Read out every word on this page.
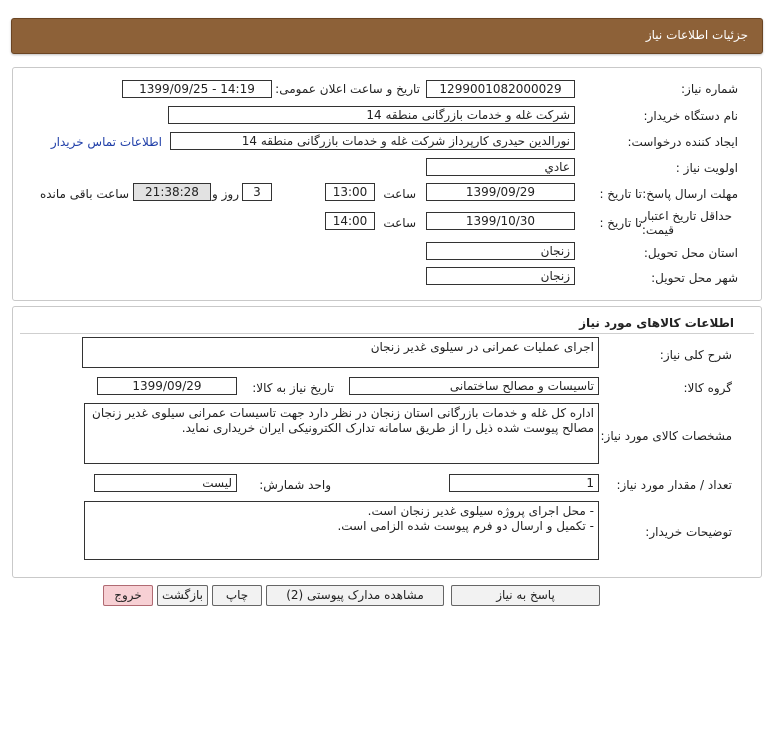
جزئیات اطلاعات نیاز
شماره نیاز:
1299001082000029
تاریخ و ساعت اعلان عمومی:
1399/09/25 - 14:19
نام دستگاه خریدار:
شرکت غله و خدمات بازرگانی منطقه 14
ایجاد کننده درخواست:
نورالدین حیدری کارپرداز شرکت غله و خدمات بازرگانی منطقه 14
اطلاعات تماس خریدار
اولویت نیاز :
عادي
مهلت ارسال پاسخ:
تا تاریخ :
1399/09/29
ساعت
13:00
3
روز و
21:38:28
ساعت باقی مانده
حداقل تاریخ اعتبار
قیمت:
تا تاریخ :
1399/10/30
ساعت
14:00
استان محل تحویل:
زنجان
شهر محل تحویل:
زنجان
اطلاعات کالاهای مورد نیاز
شرح کلی نیاز:
اجرای عملیات عمرانی در سیلوی غدیر زنجان
گروه کالا:
تاسیسات و مصالح ساختمانی
تاریخ نیاز به کالا:
1399/09/29
مشخصات کالای مورد نیاز:
اداره کل غله و خدمات بازرگانی استان زنجان در نظر دارد جهت تاسیسات عمرانی سیلوی غدیر زنجان مصالح پیوست شده ذیل را از طریق سامانه تدارک الکترونیکی ایران خریداری نماید.
تعداد / مقدار مورد نیاز:
1
واحد شمارش:
لیست
توضیحات خریدار:
- محل اجرای پروژه سیلوی غدیر زنجان است.
- تکمیل و ارسال دو فرم پیوست شده الزامی است.
پاسخ به نیاز
مشاهده مدارک پیوستی (2)
چاپ
بازگشت
خروج
